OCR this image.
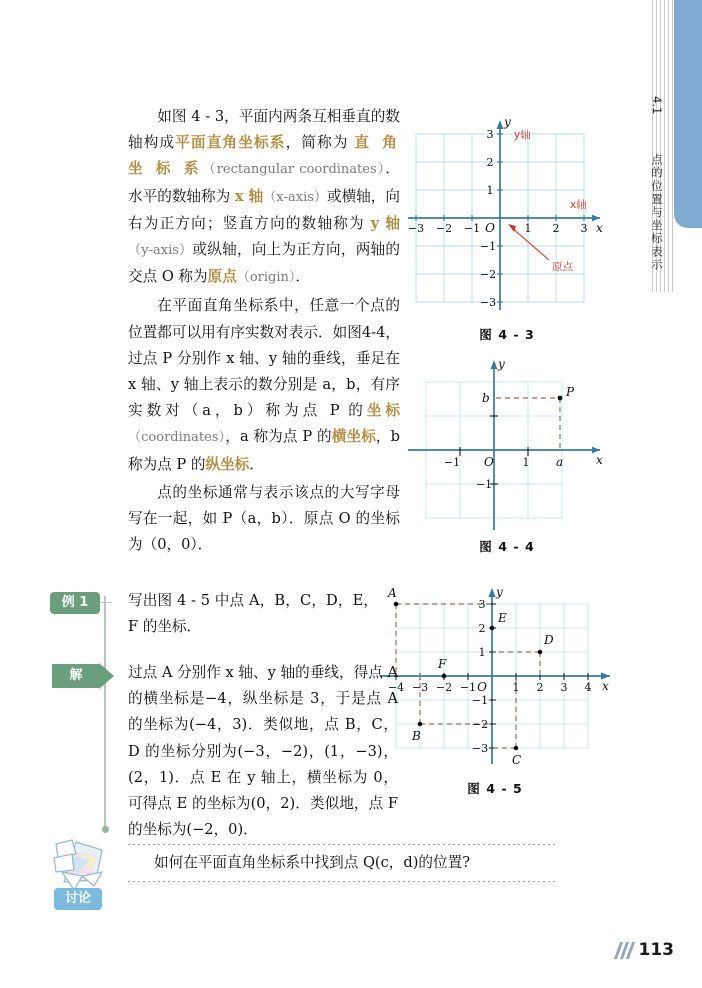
4.1  点的位置与坐标表示

如图 4 - 3，平面内两条互相垂直的数轴构成平面直角坐标系，简称为 直 角 坐 标 系（rectangular coordinates）．水平的数轴称为 x 轴（x‑axis）或横轴，向右为正方向；竖直方向的数轴称为 y 轴（y‑axis）或纵轴，向上为正方向，两轴的交点 O 称为原点（origin）．

在平面直角坐标系中，任意一个点的位置都可以用有序实数对表示．如图4‑4，过点 P 分别作 x 轴、y 轴的垂线，垂足在 x 轴、y 轴上表示的数分别是 a，b，有序实数对（a，b）称为点 P 的坐标（coordinates），a 称为点 P 的横坐标，b 称为点 P 的纵坐标．

点的坐标通常与表示该点的大写字母写在一起，如 P（a，b）．原点 O 的坐标为（0，0）．

−3 −2 −1	1 2 3
3
2
1
−1
−2
−3
O	x
y
y轴
x轴
原点
图 4 - 3
P
b
a
−1	1
−1
O	x
y
图 4 - 4
A
B
C
D
E
F
−4 −3 −2 −1	1 2 3 4
3
2
1
−1
−2
−3
O	x
y
图 4 - 5
例 1
解

写出图 4 - 5 中点 A，B，C，D，E，F 的坐标．

过点 A 分别作 x 轴、y 轴的垂线，得点 A 的横坐标是−4，纵坐标是 3，于是点 A 的坐标为(−4，3)．类似地，点 B，C，D 的坐标分别为(−3，−2)，(1，−3)，(2，1)．点 E 在 y 轴上，横坐标为 0，可得点 E 的坐标为(0，2)．类似地，点 F 的坐标为(−2，0)．

讨论
如何在平面直角坐标系中找到点 Q(c，d)的位置?
113
